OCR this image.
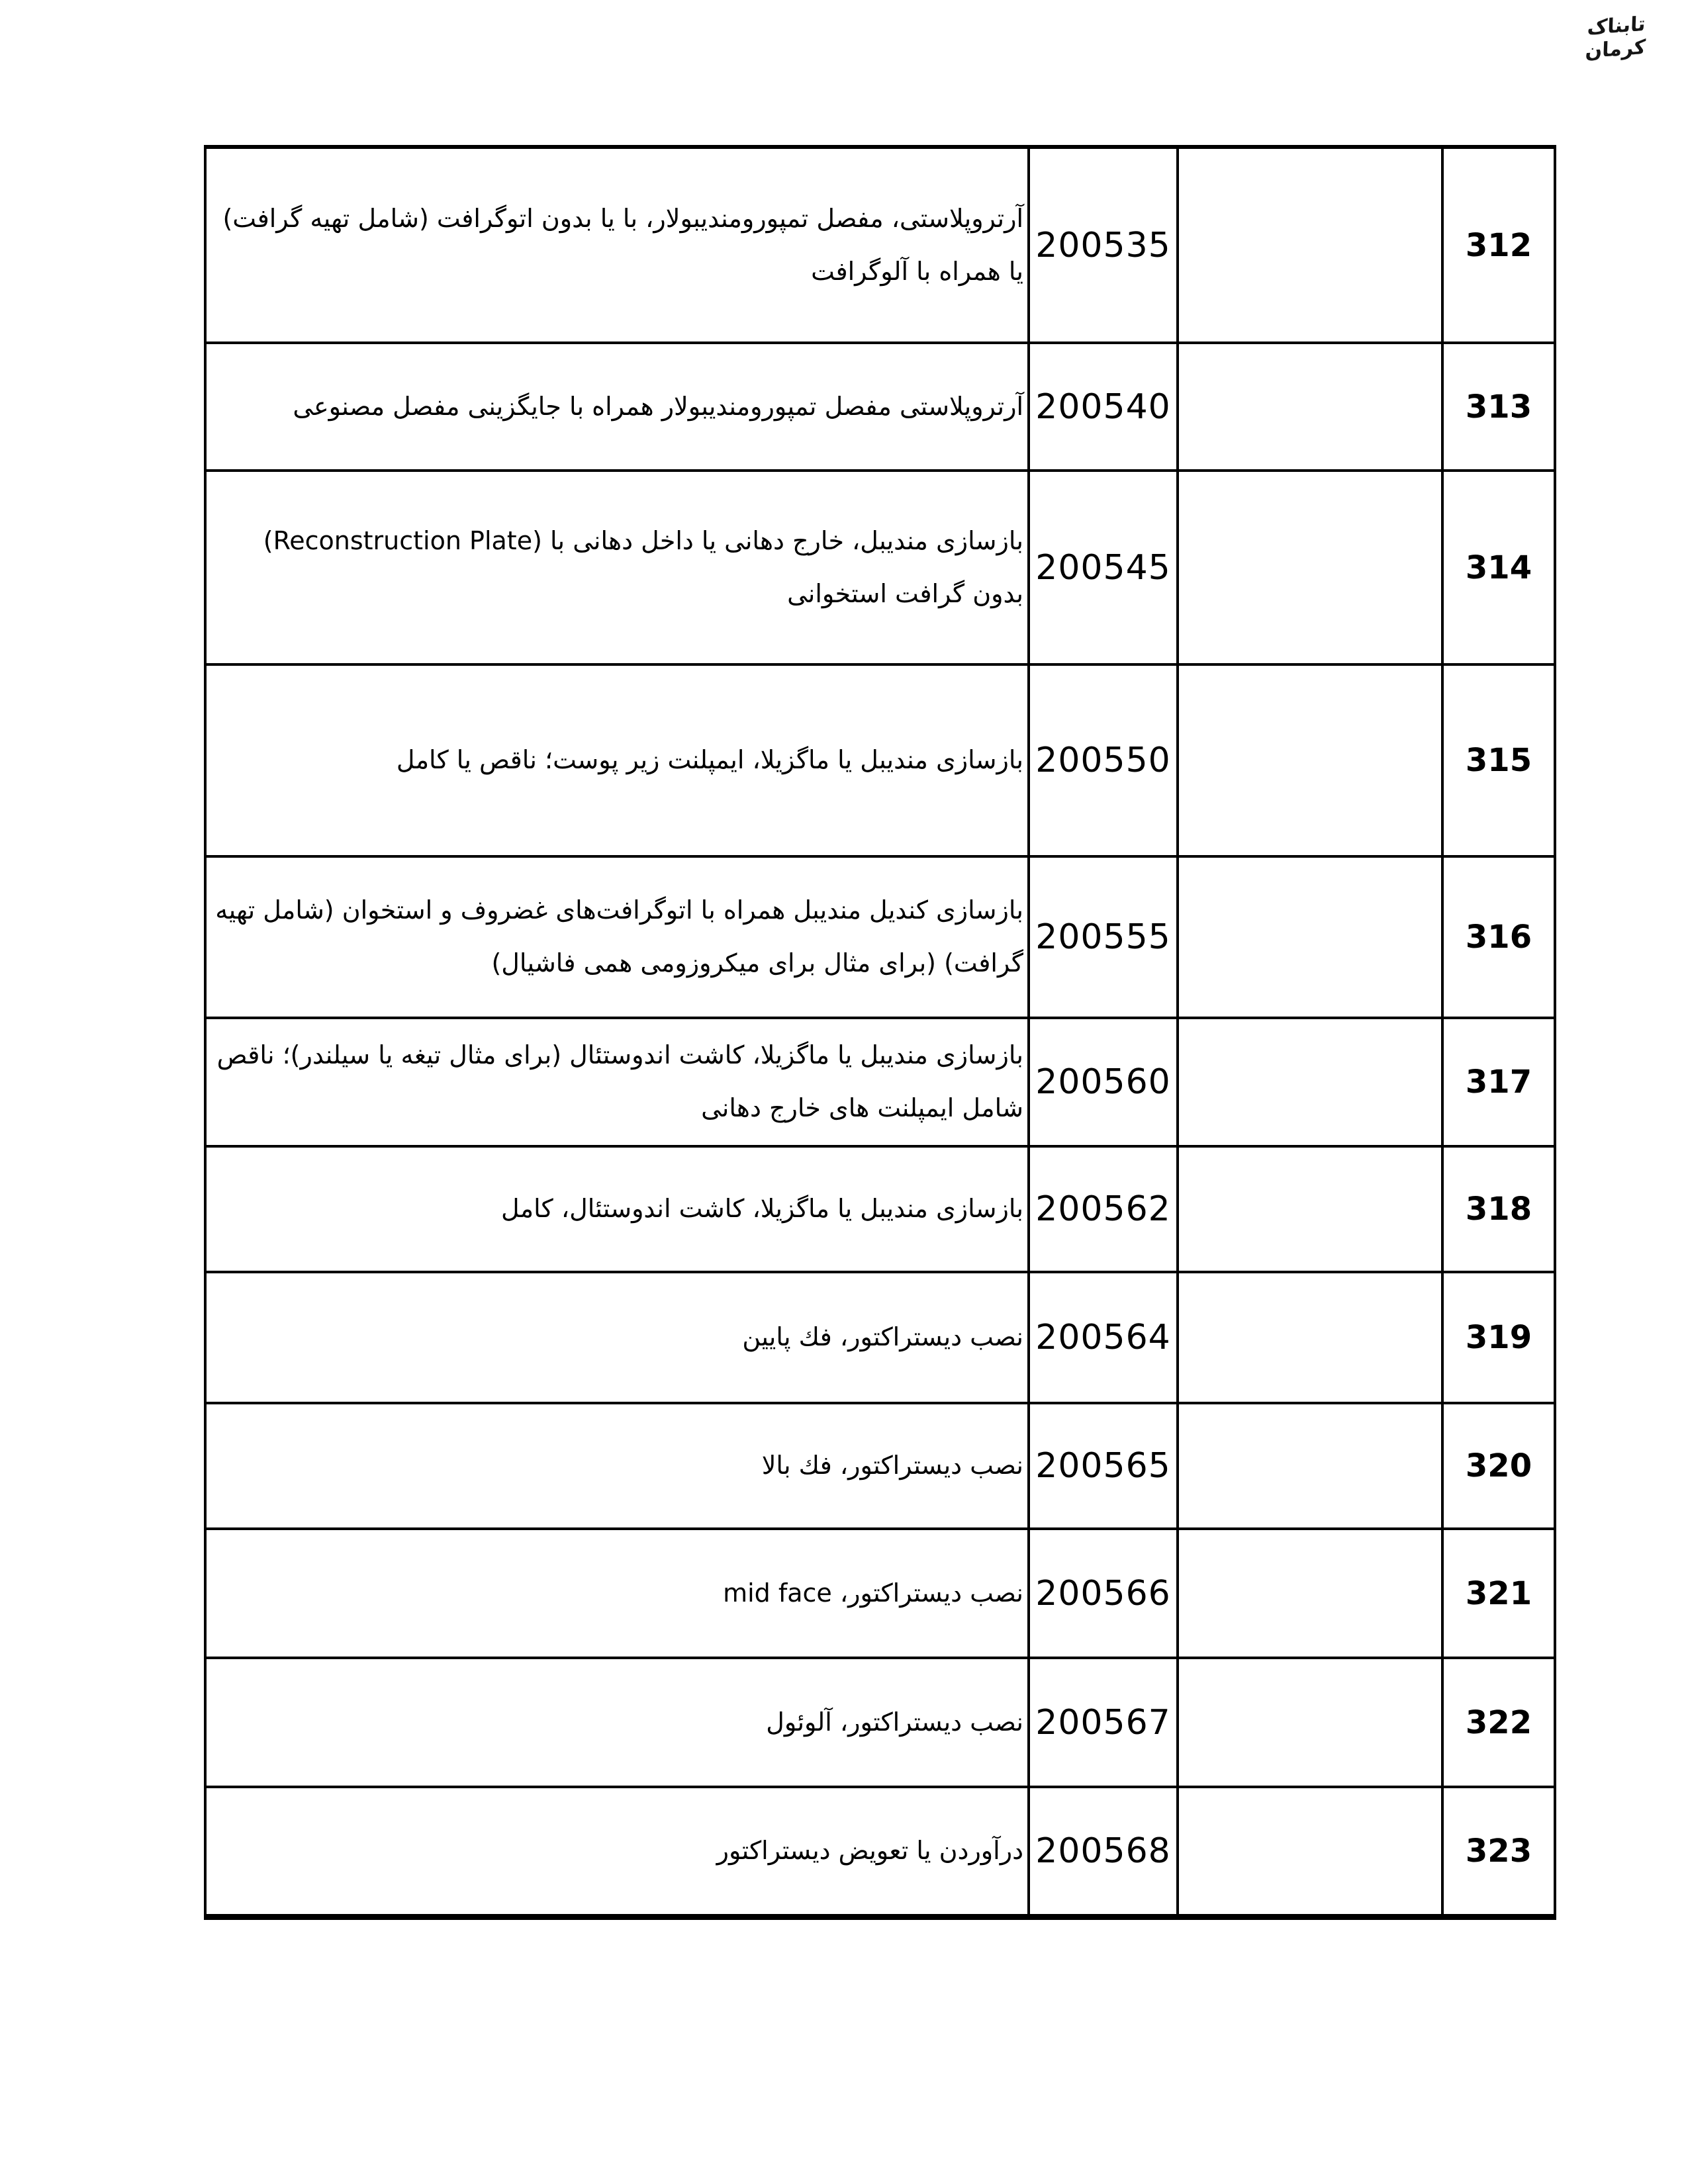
تابناک کرمان
آرتروپلاستی، مفصل تمپورومندیبولار، با یا بدون اتوگرافت (شامل تهیه گرافت) یا همراه با آلوگرافت
200535	312
آرتروپلاستی مفصل تمپورومندیبولار همراه با جایگزینی مفصل مصنوعی 200540	313
بازسازی مندیبل، خارج دهانی یا داخل دهانی با (Reconstruction Plate) بدون گرافت استخوانی
200545	314
بازسازی مندیبل یا ماگزیلا، ایمپلنت زیر پوست؛ ناقص یا کامل 200550	315
بازسازی کندیل مندیبل همراه با اتوگرافت‌های غضروف و استخوان (شامل تهیه گرافت) (برای مثال برای میکروزومی همی فاشیال)
200555	316
بازسازی مندیبل یا ماگزیلا، کاشت اندوستئال (برای مثال تیغه یا سیلندر)؛ ناقص شامل ایمپلنت های خارج دهانی
200560	317
بازسازی مندیبل یا ماگزیلا، کاشت اندوستئال، کامل 200562	318
نصب دیستراکتور، فك پایین 200564	319
نصب دیستراکتور، فك بالا 200565	320
نصب دیستراکتور، mid face 200566	321
نصب دیستراکتور، آلوئول 200567	322
درآوردن یا تعویض دیستراکتور 200568	323
